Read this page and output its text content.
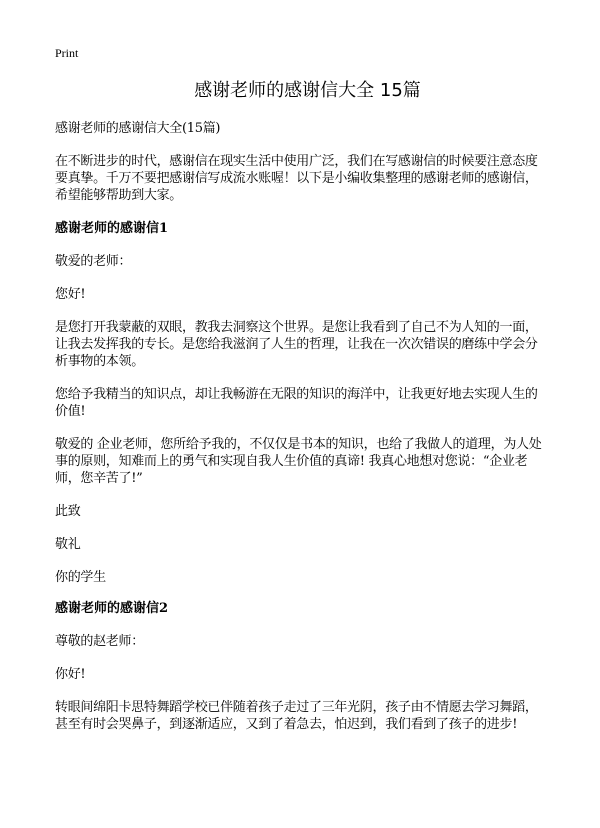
Print
感谢老师的感谢信大全 15篇

感谢老师的感谢信大全(15篇)

在不断进步的时代，感谢信在现实生活中使用广泛，我们在写感谢信的时候要注意态度要真挚。千万不要把感谢信写成流水账喔！以下是小编收集整理的感谢老师的感谢信，希望能够帮助到大家。

感谢老师的感谢信1

敬爱的老师：

您好!

是您打开我蒙蔽的双眼，教我去洞察这个世界。是您让我看到了自己不为人知的一面，让我去发挥我的专长。是您给我滋润了人生的哲理，让我在一次次错误的磨练中学会分析事物的本领。

您给予我精当的知识点，却让我畅游在无限的知识的海洋中，让我更好地去实现人生的价值!

敬爱的 企业老师，您所给予我的，不仅仅是书本的知识，也给了我做人的道理，为人处事的原则，知难而上的勇气和实现自我人生价值的真谛! 我真心地想对您说：“企业老师，您辛苦了!”

此致

敬礼

你的学生

感谢老师的感谢信2

尊敬的赵老师：

你好!

转眼间绵阳卡思特舞蹈学校已伴随着孩子走过了三年光阴，孩子由不情愿去学习舞蹈，甚至有时会哭鼻子，到逐渐适应，又到了着急去，怕迟到，我们看到了孩子的进步!
